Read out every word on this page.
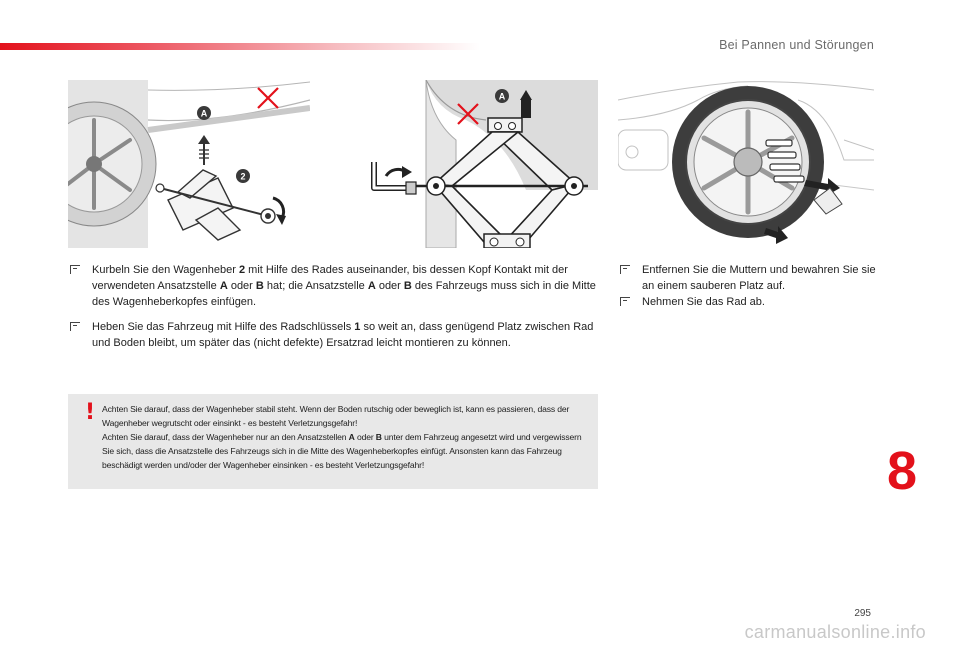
Bei Pannen und Störungen
A
2
A

Kurbeln Sie den Wagenheber 2 mit Hilfe des Rades auseinander, bis dessen Kopf Kontakt mit der verwendeten Ansatzstelle A oder B hat; die Ansatzstelle A oder B des Fahrzeugs muss sich in die Mitte des Wagenheberkopfes einfügen.

Heben Sie das Fahrzeug mit Hilfe des Radschlüssels 1 so weit an, dass genügend Platz zwischen Rad und Boden bleibt, um später das (nicht defekte) Ersatzrad leicht montieren zu können.

Entfernen Sie die Muttern und bewahren Sie sie an einem sauberen Platz auf.

Nehmen Sie das Rad ab.

! Achten Sie darauf, dass der Wagenheber stabil steht. Wenn der Boden rutschig oder beweglich ist, kann es passieren, dass der Wagenheber wegrutscht oder einsinkt - es besteht Verletzungsgefahr!

Achten Sie darauf, dass der Wagenheber nur an den Ansatzstellen A oder B unter dem Fahrzeug angesetzt wird und vergewissern Sie sich, dass die Ansatzstelle des Fahrzeugs sich in die Mitte des Wagenheberkopfes einfügt. Ansonsten kann das Fahrzeug beschädigt werden und/oder der Wagenheber einsinken - es besteht Verletzungsgefahr!	8
295
carmanualsonline.info
